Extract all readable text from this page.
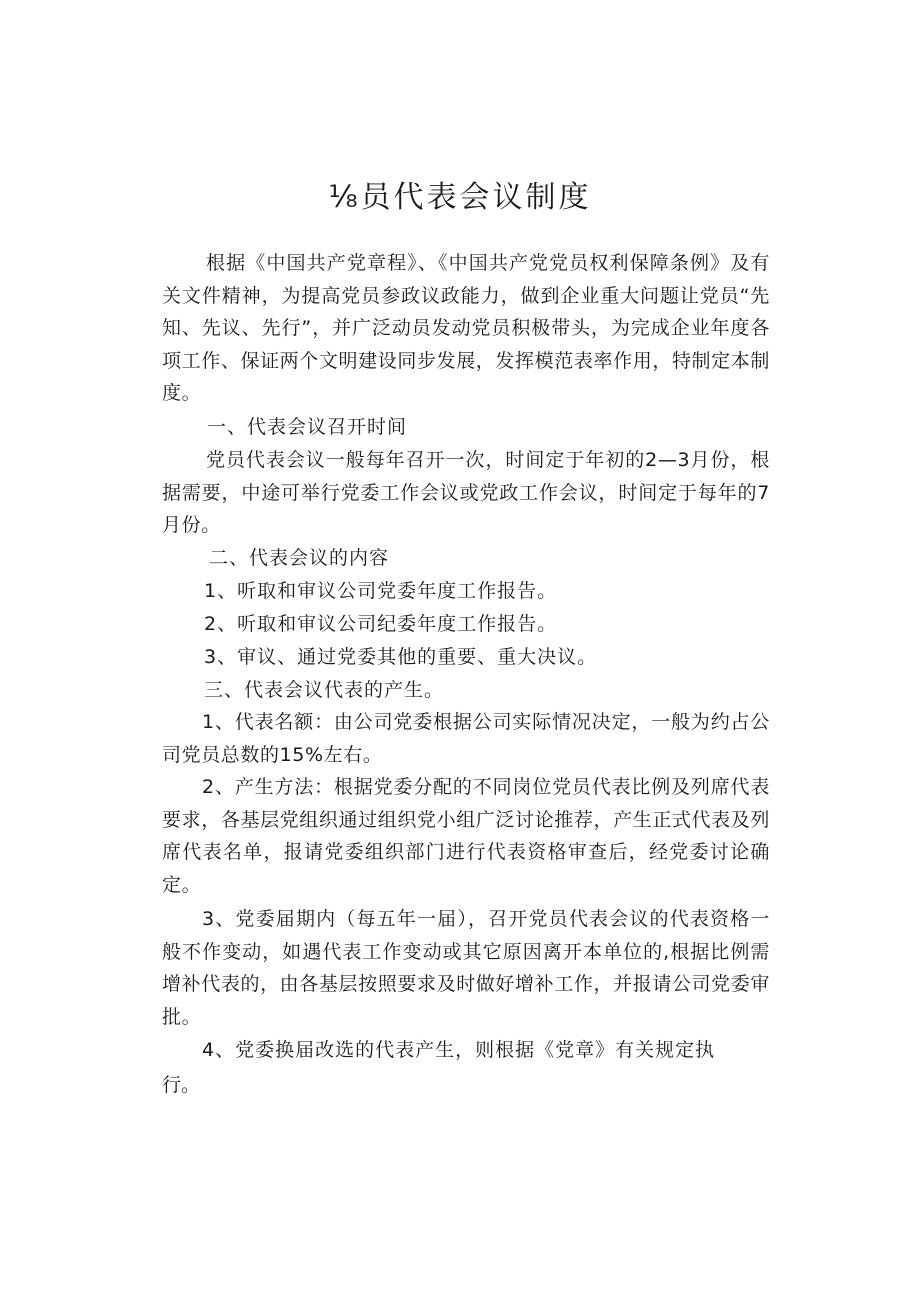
⅛员代表会议制度
根据《中国共产党章程》、《中国共产党党员权利保障条例》及有关文件精神，为提高党员参政议政能力，做到企业重大问题让党员“先知、先议、先行”，并广泛动员发动党员积极带头，为完成企业年度各项工作、保证两个文明建设同步发展，发挥模范表率作用，特制定本制度。
一、代表会议召开时间
党员代表会议一般每年召开一次，时间定于年初的2—3月份，根据需要，中途可举行党委工作会议或党政工作会议，时间定于每年的7月份。
二、代表会议的内容
1、听取和审议公司党委年度工作报告。
2、听取和审议公司纪委年度工作报告。
3、审议、通过党委其他的重要、重大决议。
三、代表会议代表的产生。
1、代表名额：由公司党委根据公司实际情况决定，一般为约占公司党员总数的15%左右。
2、产生方法：根据党委分配的不同岗位党员代表比例及列席代表要求，各基层党组织通过组织党小组广泛讨论推荐，产生正式代表及列席代表名单，报请党委组织部门进行代表资格审查后，经党委讨论确定。
3、党委届期内（每五年一届），召开党员代表会议的代表资格一般不作变动，如遇代表工作变动或其它原因离开本单位的,根据比例需增补代表的，由各基层按照要求及时做好增补工作，并报请公司党委审批。
4、党委换届改选的代表产生，则根据《党章》有关规定执
行。
